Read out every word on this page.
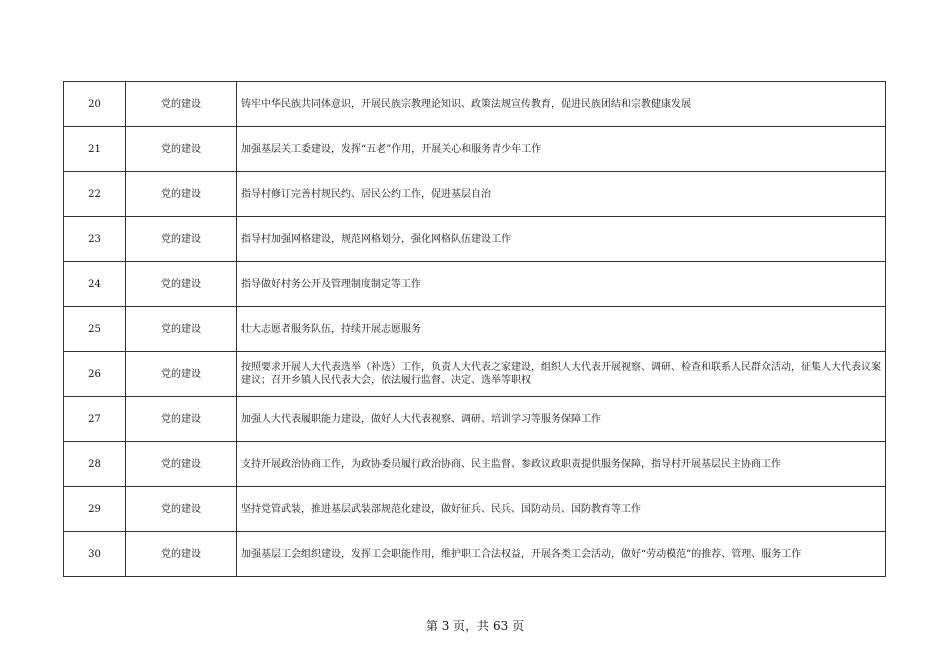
20	党的建设	铸牢中华民族共同体意识，开展民族宗教理论知识、政策法规宣传教育，促进民族团结和宗教健康发展
21	党的建设	加强基层关工委建设，发挥“五老”作用，开展关心和服务青少年工作
22	党的建设	指导村修订完善村规民约、居民公约工作，促进基层自治
23	党的建设	指导村加强网格建设，规范网格划分，强化网格队伍建设工作
24	党的建设	指导做好村务公开及管理制度制定等工作
25	党的建设	壮大志愿者服务队伍，持续开展志愿服务
26	党的建设	按照要求开展人大代表选举（补选）工作，负责人大代表之家建设，组织人大代表开展视察、调研、检查和联系人民群众活动，征集人大代表议案建议；召开乡镇人民代表大会，依法履行监督、决定、选举等职权
27	党的建设	加强人大代表履职能力建设，做好人大代表视察、调研、培训学习等服务保障工作
28	党的建设	支持开展政治协商工作，为政协委员履行政治协商、民主监督、参政议政职责提供服务保障，指导村开展基层民主协商工作
29	党的建设	坚持党管武装，推进基层武装部规范化建设，做好征兵、民兵、国防动员、国防教育等工作
30	党的建设	加强基层工会组织建设，发挥工会职能作用，维护职工合法权益，开展各类工会活动，做好“劳动模范”的推荐、管理、服务工作
第 3 页，共 63 页
